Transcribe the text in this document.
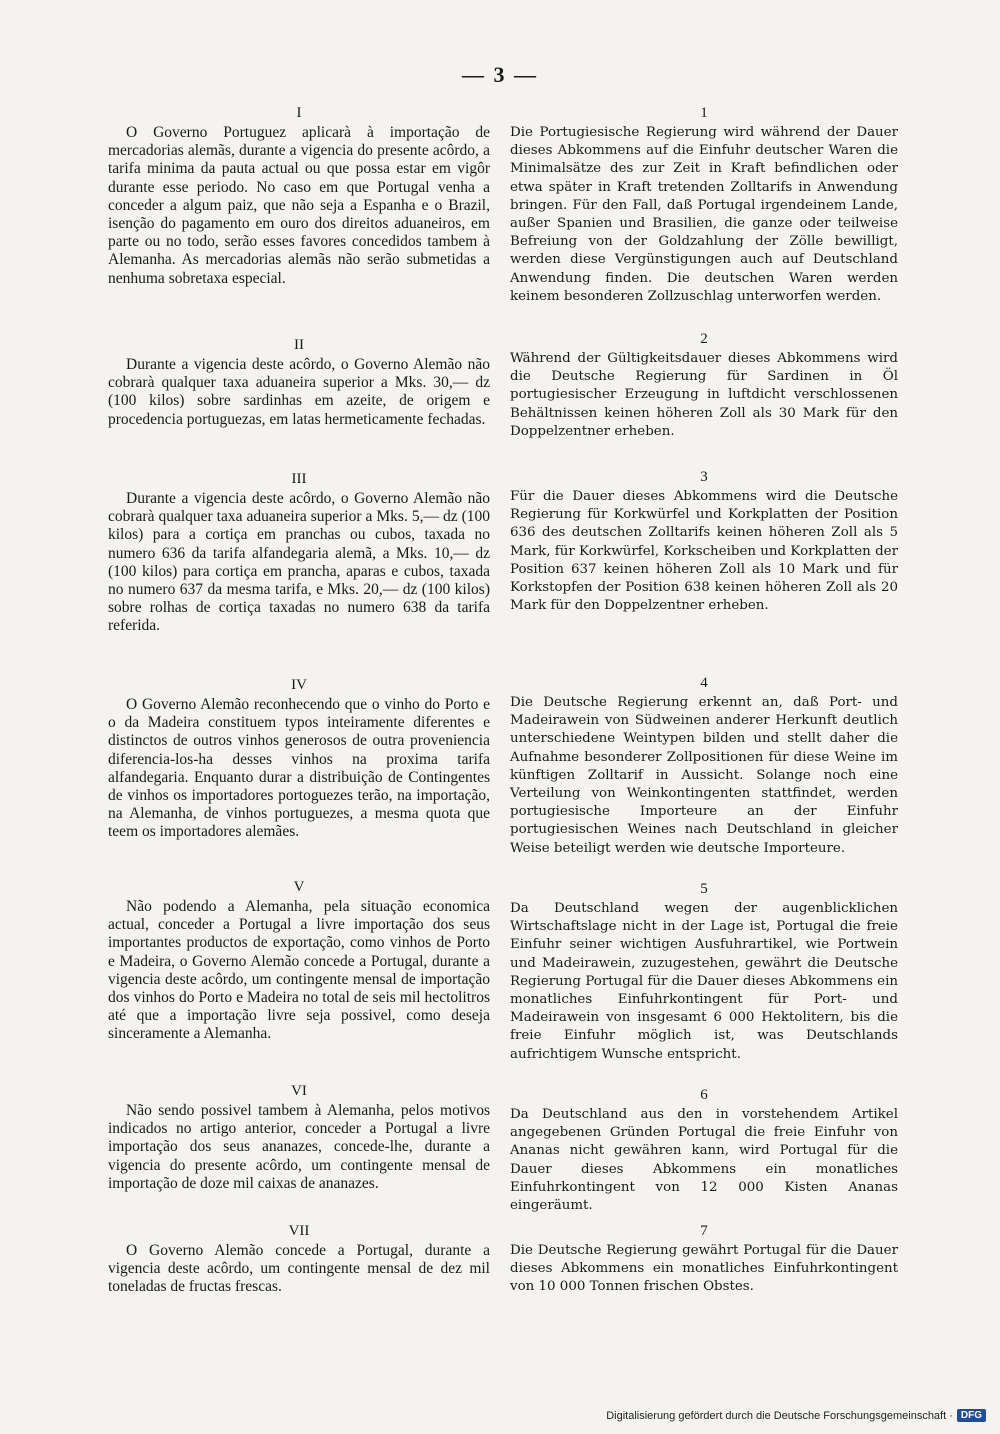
— 3 —
I

O Governo Portuguez aplicarà à importação de mercadorias alemãs, durante a vigencia do presente acôrdo, a tarifa minima da pauta actual ou que possa estar em vigôr durante esse periodo. No caso em que Portugal venha a conceder a algum paiz, que não seja a Espanha e o Brazil, isenção do pagamento em ouro dos direitos aduaneiros, em parte ou no todo, serão esses favores concedidos tambem à Alemanha. As mercadorias alemãs não serão submetidas a nenhuma sobretaxa especial.

II

Durante a vigencia deste acôrdo, o Governo Alemão não cobrarà qualquer taxa aduaneira superior a Mks. 30,— dz (100 kilos) sobre sardinhas em azeite, de origem e procedencia portuguezas, em latas hermeticamente fechadas.

III

Durante a vigencia deste acôrdo, o Governo Alemão não cobrarà qualquer taxa aduaneira superior a Mks. 5,— dz (100 kilos) para a cortiça em pranchas ou cubos, taxada no numero 636 da tarifa alfandegaria alemã, a Mks. 10,— dz (100 kilos) para cortiça em prancha, aparas e cubos, taxada no numero 637 da mesma tarifa, e Mks. 20,— dz (100 kilos) sobre rolhas de cortiça taxadas no numero 638 da tarifa referida.

IV

O Governo Alemão reconhecendo que o vinho do Porto e o da Madeira constituem typos inteiramente diferentes e distinctos de outros vinhos generosos de outra proveniencia diferencia-los-ha desses vinhos na proxima tarifa alfandegaria. Enquanto durar a distribuição de Contingentes de vinhos os importadores portoguezes terão, na importação, na Alemanha, de vinhos portuguezes, a mesma quota que teem os importadores alemães.

V

Não podendo a Alemanha, pela situação economica actual, conceder a Portugal a livre importação dos seus importantes productos de exportação, como vinhos de Porto e Madeira, o Governo Alemão concede a Portugal, durante a vigencia deste acôrdo, um contingente mensal de importação dos vinhos do Porto e Madeira no total de seis mil hectolitros até que a importação livre seja possivel, como deseja sinceramente a Alemanha.

VI

Não sendo possivel tambem à Alemanha, pelos motivos indicados no artigo anterior, conceder a Portugal a livre importação dos seus ananazes, concede-lhe, durante a vigencia do presente acôrdo, um contingente mensal de importação de doze mil caixas de ananazes.

VII

O Governo Alemão concede a Portugal, durante a vigencia deste acôrdo, um contingente mensal de dez mil toneladas de fructas frescas.

1

Die Portugiesische Regierung wird während der Dauer dieses Abkommens auf die Einfuhr deutscher Waren die Minimalsätze des zur Zeit in Kraft befindlichen oder etwa später in Kraft tretenden Zolltarifs in Anwendung bringen. Für den Fall, daß Portugal irgendeinem Lande, außer Spanien und Brasilien, die ganze oder teilweise Befreiung von der Goldzahlung der Zölle bewilligt, werden diese Vergünstigungen auch auf Deutschland Anwendung finden. Die deutschen Waren werden keinem besonderen Zollzuschlag unterworfen werden.

2

Während der Gültigkeitsdauer dieses Abkommens wird die Deutsche Regierung für Sardinen in Öl portugiesischer Erzeugung in luftdicht verschlossenen Behältnissen keinen höheren Zoll als 30 Mark für den Doppelzentner erheben.

3

Für die Dauer dieses Abkommens wird die Deutsche Regierung für Korkwürfel und Korkplatten der Position 636 des deutschen Zolltarifs keinen höheren Zoll als 5 Mark, für Korkwürfel, Korkscheiben und Korkplatten der Position 637 keinen höheren Zoll als 10 Mark und für Korkstopfen der Position 638 keinen höheren Zoll als 20 Mark für den Doppelzentner erheben.

4

Die Deutsche Regierung erkennt an, daß Port- und Madeirawein von Südweinen anderer Herkunft deutlich unterschiedene Weintypen bilden und stellt daher die Aufnahme besonderer Zollpositionen für diese Weine im künftigen Zolltarif in Aussicht. Solange noch eine Verteilung von Weinkontingenten stattfindet, werden portugiesische Importeure an der Einfuhr portugiesischen Weines nach Deutschland in gleicher Weise beteiligt werden wie deutsche Importeure.

5

Da Deutschland wegen der augenblicklichen Wirtschaftslage nicht in der Lage ist, Portugal die freie Einfuhr seiner wichtigen Ausfuhrartikel, wie Portwein und Madeirawein, zuzugestehen, gewährt die Deutsche Regierung Portugal für die Dauer dieses Abkommens ein monatliches Einfuhrkontingent für Port- und Madeirawein von insgesamt 6 000 Hektolitern, bis die freie Einfuhr möglich ist, was Deutschlands aufrichtigem Wunsche entspricht.

6

Da Deutschland aus den in vorstehendem Artikel angegebenen Gründen Portugal die freie Einfuhr von Ananas nicht gewähren kann, wird Portugal für die Dauer dieses Abkommens ein monatliches Einfuhrkontingent von 12 000 Kisten Ananas eingeräumt.

7

Die Deutsche Regierung gewährt Portugal für die Dauer dieses Abkommens ein monatliches Einfuhrkontingent von 10 000 Tonnen frischen Obstes.

Digitalisierung gefördert durch die Deutsche Forschungsgemeinschaft · DFG
